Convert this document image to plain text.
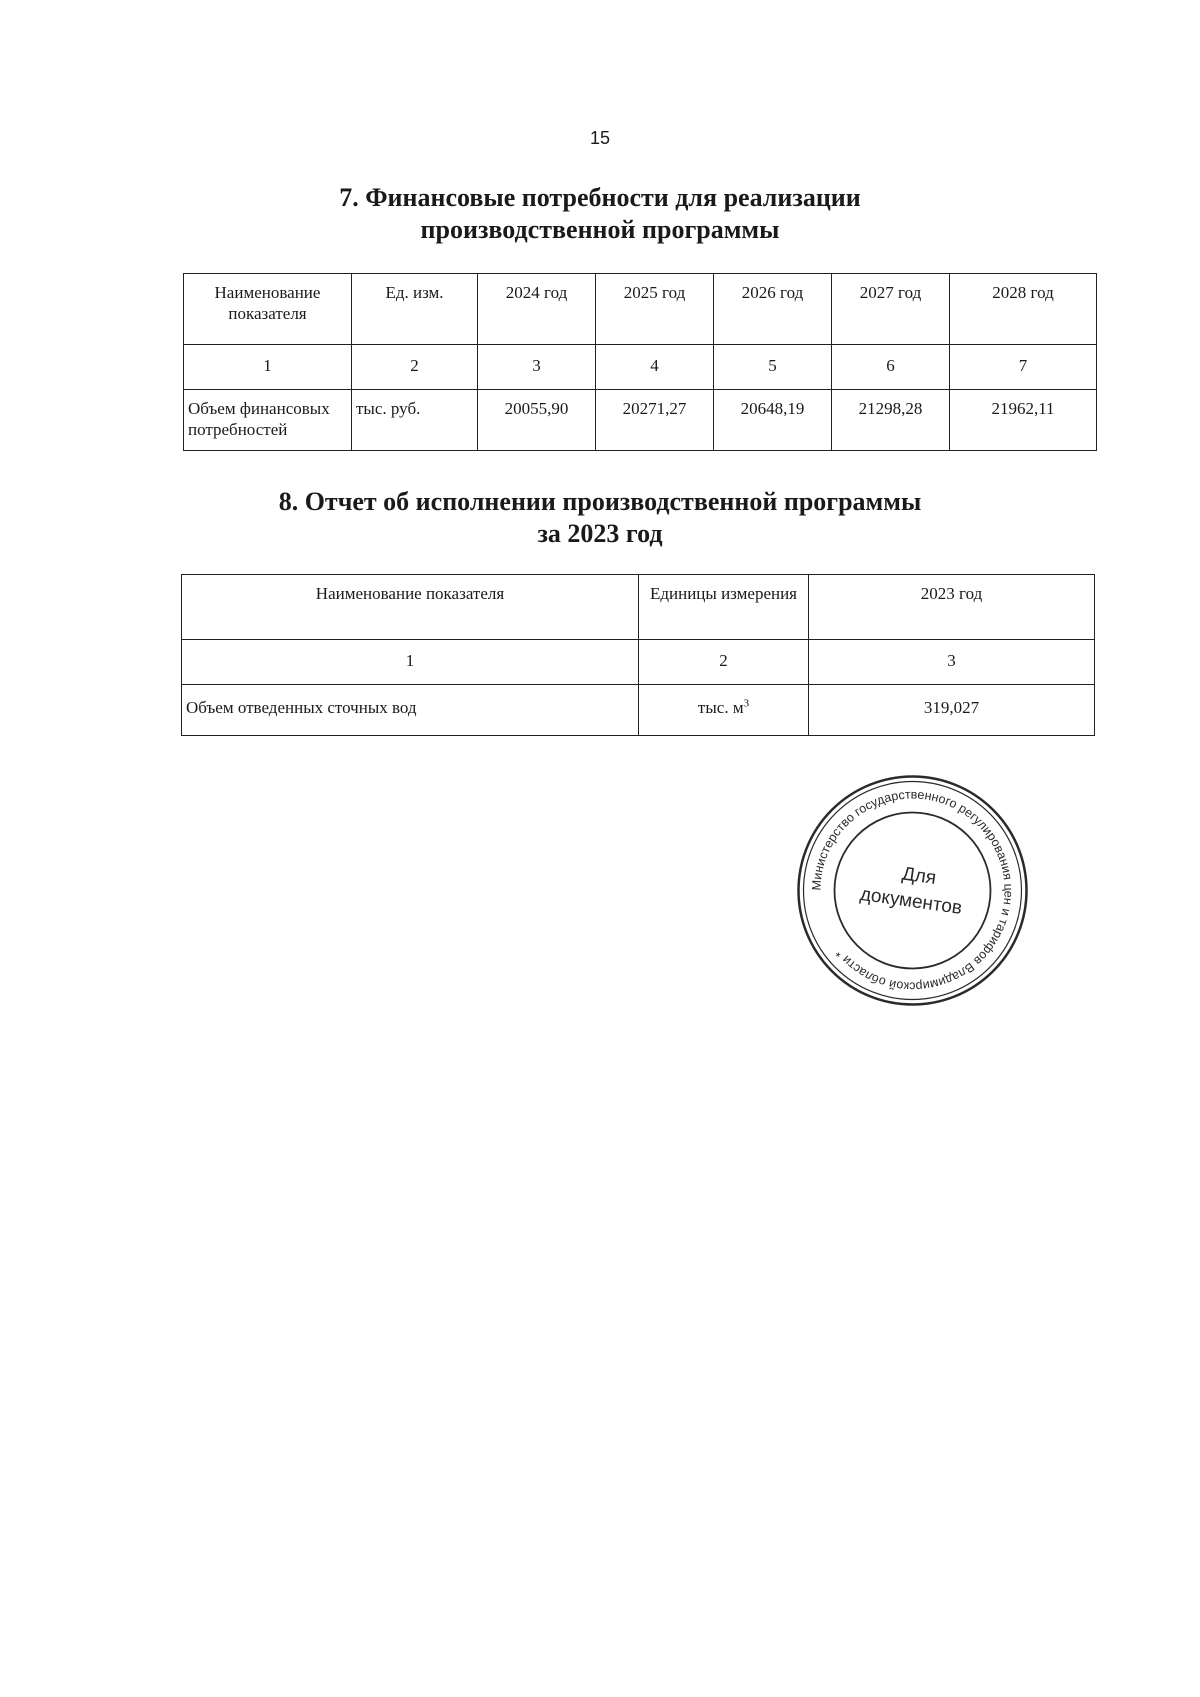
15
7. Финансовые потребности для реализации
производственной программы
Наименование показателя	Ед. изм.	2024 год	2025 год	2026 год	2027 год	2028 год
1	2	3	4	5	6	7
Объем финансовых потребностей	тыс. руб.	20055,90	20271,27	20648,19	21298,28	21962,11
8. Отчет об исполнении производственной программы
за 2023 год
Наименование показателя	Единицы измерения	2023 год
1	2	3
Объем отведенных сточных вод	тыс. $м^3$	319,027
Министерство государственного регулирования цен и тарифов Владимирской области *
Для
документов
